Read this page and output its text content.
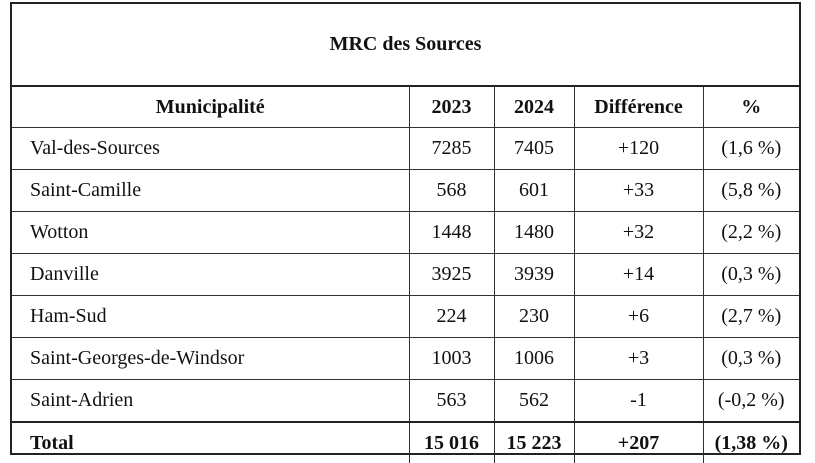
MRC des Sources
Municipalité	2023	2024	Différence	%
Val-des-Sources	7285	7405	+120	(1,6 %)
Saint-Camille	568	601	+33	(5,8 %)
Wotton	1448	1480	+32	(2,2 %)
Danville	3925	3939	+14	(0,3 %)
Ham-Sud	224	230	+6	(2,7 %)
Saint-Georges-de-Windsor	1003	1006	+3	(0,3 %)
Saint-Adrien	563	562	-1	(-0,2 %)
Total	15 016	15 223	+207	(1,38 %)
